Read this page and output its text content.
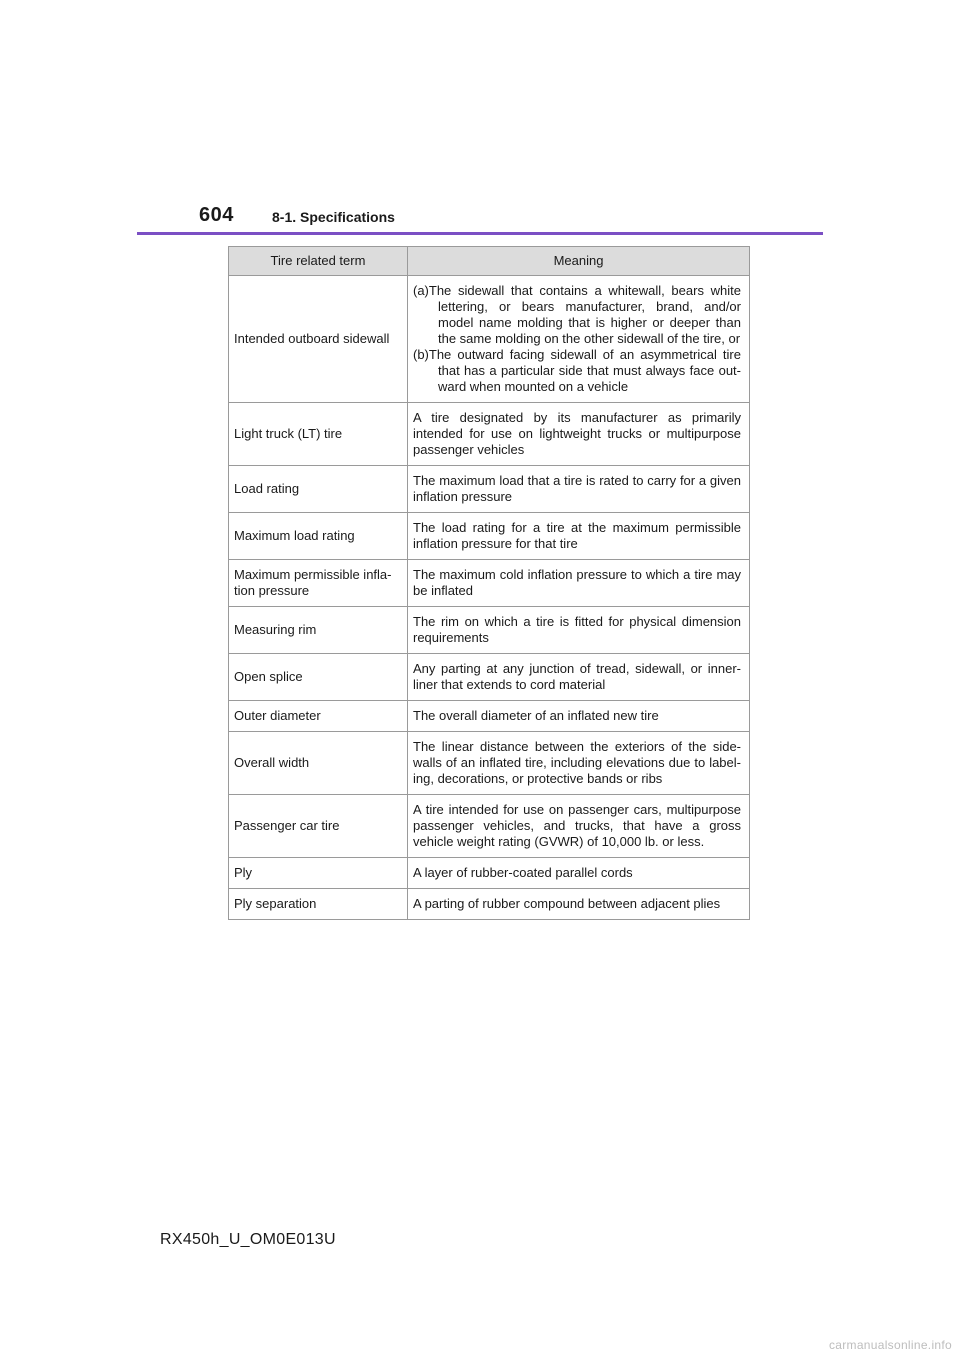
604	8-1. Specifications
Tire related term	Meaning
Intended outboard sidewall	(a)The sidewall that contains a whitewall, bears white lettering, or bears manufacturer, brand, and/or model name molding that is higher or deeper than the same molding on the other sidewall of the tire, or
(b)The outward facing sidewall of an asymmetrical tire that has a particular side that must always face out-ward when mounted on a vehicle

Light truck (LT) tire	A tire designated by its manufacturer as primarily intended for use on lightweight trucks or multipurpose passenger vehicles
Load rating	The maximum load that a tire is rated to carry for a given inflation pressure
Maximum load rating	The load rating for a tire at the maximum permissible inflation pressure for that tire
Maximum permissible infla-tion pressure	The maximum cold inflation pressure to which a tire may be inflated
Measuring rim	The rim on which a tire is fitted for physical dimension requirements
Open splice	Any parting at any junction of tread, sidewall, or inner-liner that extends to cord material
Outer diameter	The overall diameter of an inflated new tire
Overall width	The linear distance between the exteriors of the side-walls of an inflated tire, including elevations due to label-ing, decorations, or protective bands or ribs
Passenger car tire	A tire intended for use on passenger cars, multipurpose passenger vehicles, and trucks, that have a gross vehicle weight rating (GVWR) of 10,000 lb. or less.
Ply	A layer of rubber-coated parallel cords
Ply separation	A parting of rubber compound between adjacent plies
RX450h_U_OM0E013U
carmanualsonline.info
